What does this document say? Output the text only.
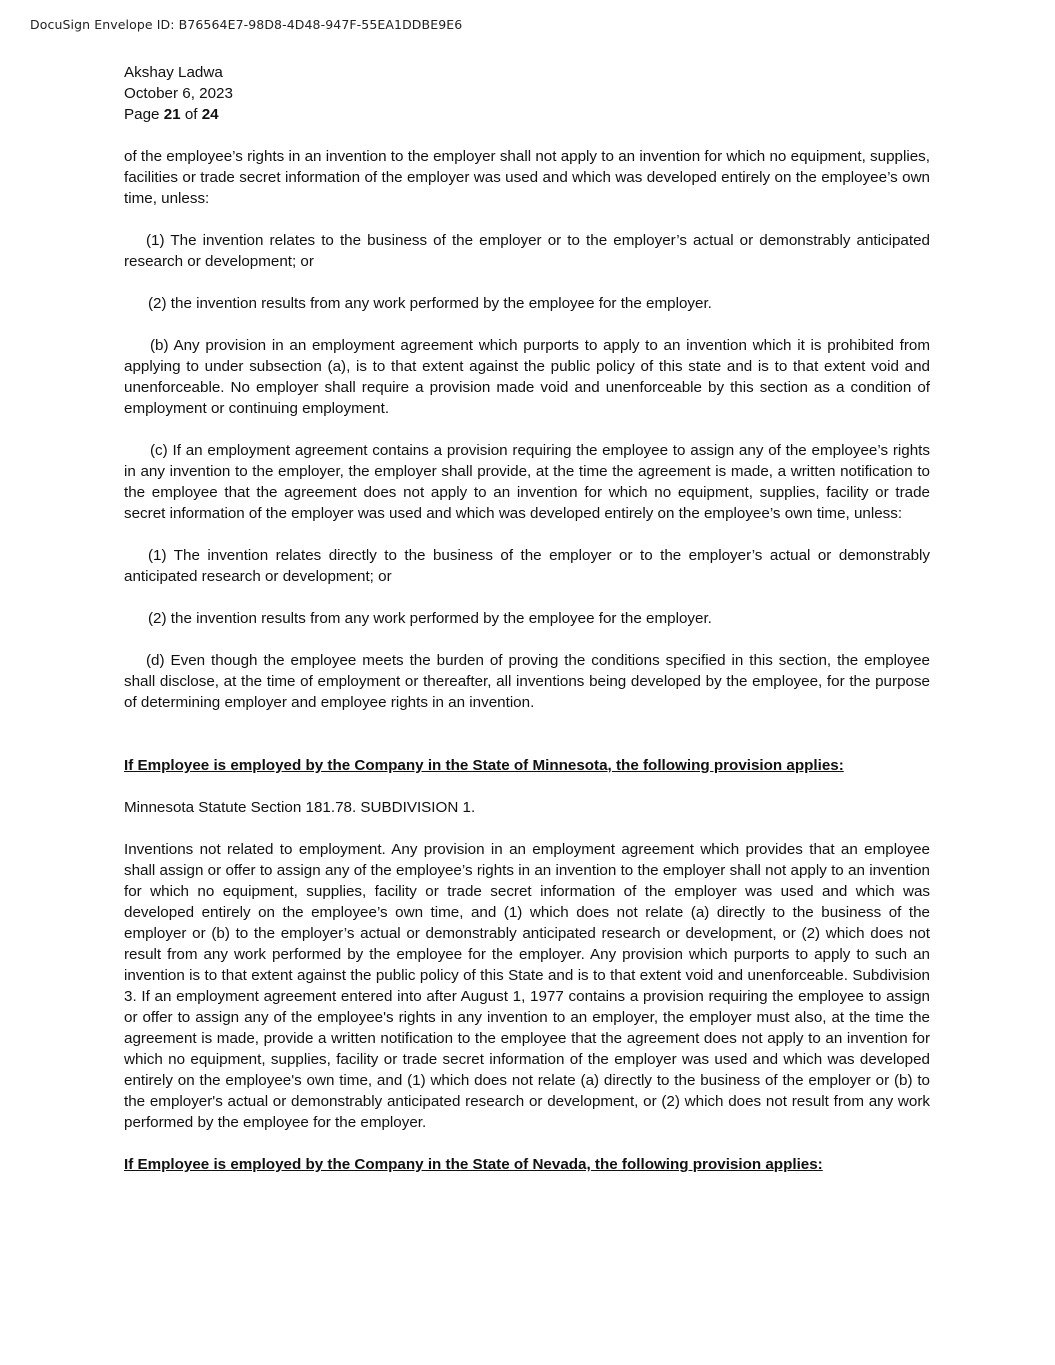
DocuSign Envelope ID: B76564E7-98D8-4D48-947F-55EA1DDBE9E6
Akshay Ladwa
October 6, 2023
Page 21 of 24

of the employee’s rights in an invention to the employer shall not apply to an invention for which no equipment, supplies, facilities or trade secret information of the employer was used and which was developed entirely on the employee’s own time, unless:

(1) The invention relates to the business of the employer or to the employer’s actual or demonstrably anticipated research or development; or

(2) the invention results from any work performed by the employee for the employer.

(b) Any provision in an employment agreement which purports to apply to an invention which it is prohibited from applying to under subsection (a), is to that extent against the public policy of this state and is to that extent void and unenforceable. No employer shall require a provision made void and unenforceable by this section as a condition of employment or continuing employment.

(c) If an employment agreement contains a provision requiring the employee to assign any of the employee’s rights in any invention to the employer, the employer shall provide, at the time the agreement is made, a written notification to the employee that the agreement does not apply to an invention for which no equipment, supplies, facility or trade secret information of the employer was used and which was developed entirely on the employee’s own time, unless:

(1) The invention relates directly to the business of the employer or to the employer’s actual or demonstrably anticipated research or development; or

(2) the invention results from any work performed by the employee for the employer.

(d) Even though the employee meets the burden of proving the conditions specified in this section, the employee shall disclose, at the time of employment or thereafter, all inventions being developed by the employee, for the purpose of determining employer and employee rights in an invention.

If Employee is employed by the Company in the State of Minnesota, the following provision applies:

Minnesota Statute Section 181.78. SUBDIVISION 1.

Inventions not related to employment. Any provision in an employment agreement which provides that an employee shall assign or offer to assign any of the employee’s rights in an invention to the employer shall not apply to an invention for which no equipment, supplies, facility or trade secret information of the employer was used and which was developed entirely on the employee’s own time, and (1) which does not relate (a) directly to the business of the employer or (b) to the employer’s actual or demonstrably anticipated research or development, or (2) which does not result from any work performed by the employee for the employer. Any provision which purports to apply to such an invention is to that extent against the public policy of this State and is to that extent void and unenforceable. Subdivision 3. If an employment agreement entered into after August 1, 1977 contains a provision requiring the employee to assign or offer to assign any of the employee's rights in any invention to an employer, the employer must also, at the time the agreement is made, provide a written notification to the employee that the agreement does not apply to an invention for which no equipment, supplies, facility or trade secret information of the employer was used and which was developed entirely on the employee's own time, and (1) which does not relate (a) directly to the business of the employer or (b) to the employer's actual or demonstrably anticipated research or development, or (2) which does not result from any work performed by the employee for the employer.

If Employee is employed by the Company in the State of Nevada, the following provision applies:
